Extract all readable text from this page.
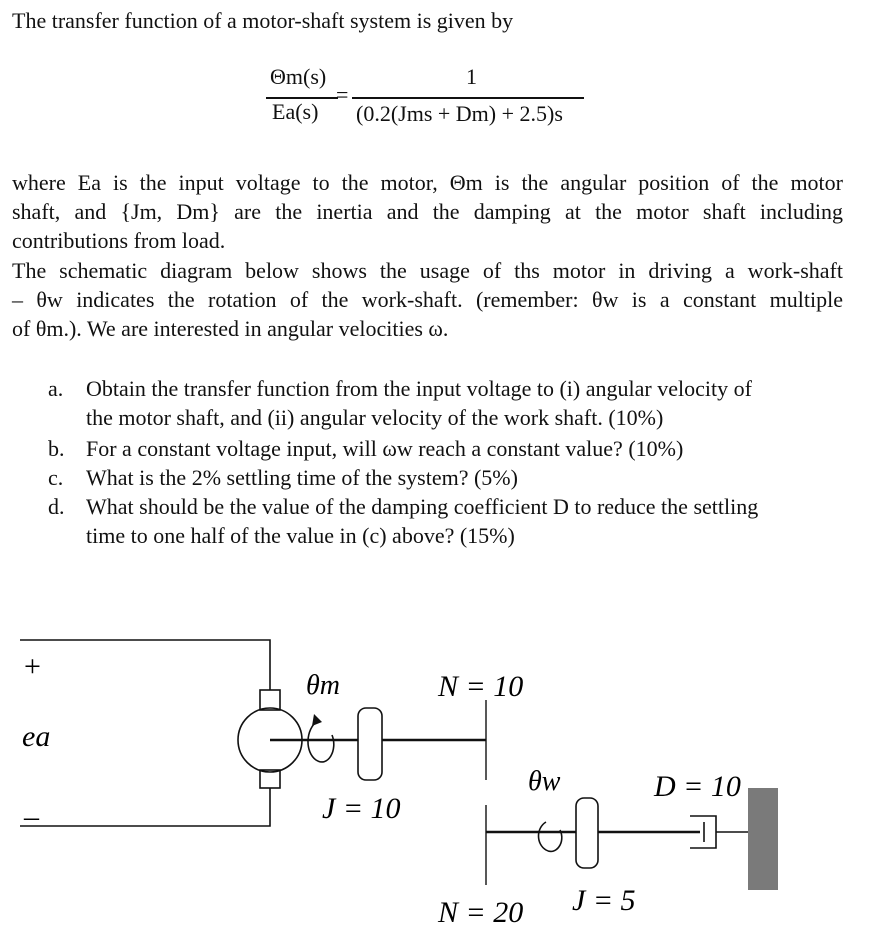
The transfer function of a motor-shaft system is given by
Θm(s)
Ea(s)
=
1
(0.2(Jms + Dm) + 2.5)s
where Ea is the input voltage to the motor, Θm is the angular position of the motor
shaft, and {Jm, Dm} are the inertia and the damping at the motor shaft including
contributions from load.
The schematic diagram below shows the usage of ths motor in driving a work-shaft
– θw indicates the rotation of the work-shaft. (remember: θw is a constant multiple
of θm.). We are interested in angular velocities ω.
a. Obtain the transfer function from the input voltage to (i) angular velocity of
the motor shaft, and (ii) angular velocity of the work shaft. (10%)
b. For a constant voltage input, will ωw reach a constant value? (10%)
c. What is the 2% settling time of the system? (5%)
d. What should be the value of the damping coefficient D to reduce the settling
time to one half of the value in (c) above? (15%)
+
–
ea
θm	N = 10
J = 10
θw	D = 10
N = 20 J = 5
